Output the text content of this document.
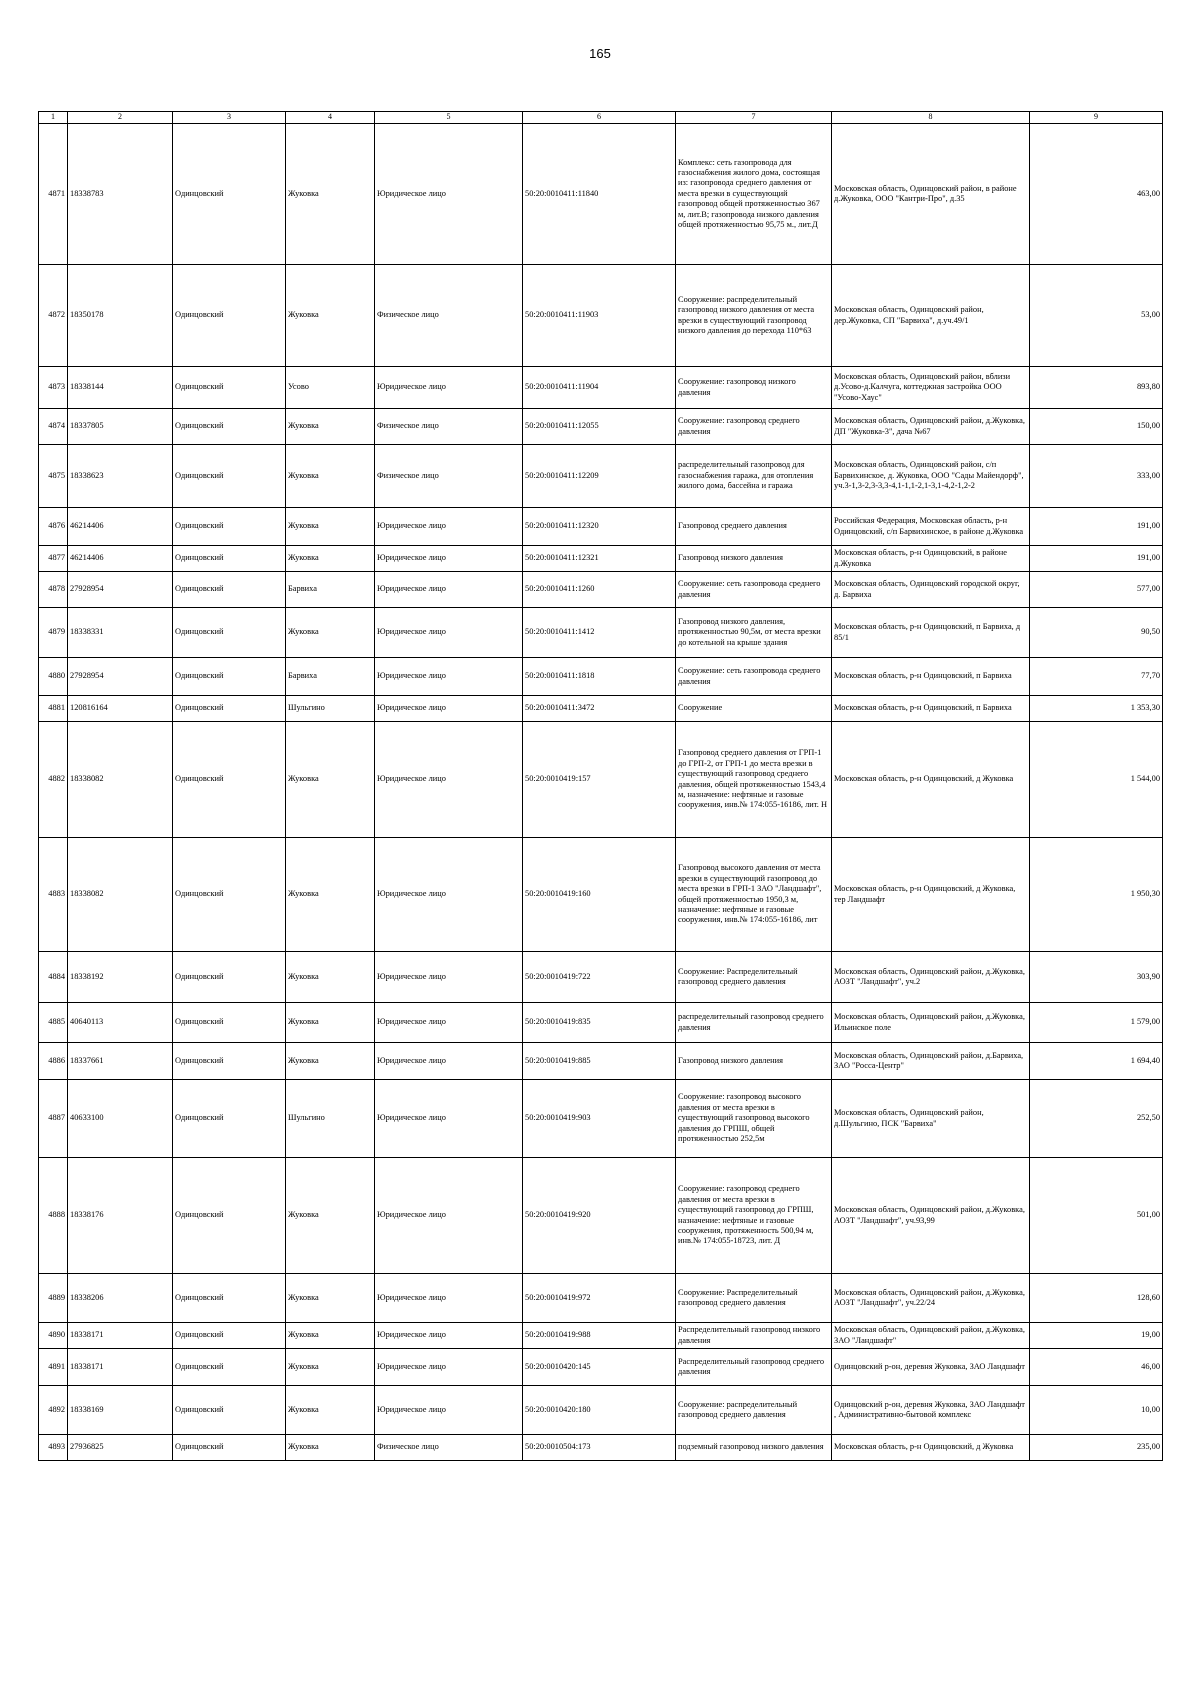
165
1	2	3	4	5	6	7	8	9
4871	18338783	Одинцовский	Жуковка	Юридическое лицо	50:20:0010411:11840	Комплекс: сеть газопровода для газоснабжения жилого дома, состоящая из: газопровода среднего давления от места врезки в существующий газопровод общей протяженностью 367 м, лит.В; газопровода низкого давления общей протяженностью 95,75 м., лит.Д	Московская область, Одинцовский район, в районе д.Жуковка, ООО "Кантри-Про", д.35	463,00
4872	18350178	Одинцовский	Жуковка	Физическое лицо	50:20:0010411:11903	Сооружение: распределительный газопровод низкого давления от места врезки в существующий газопровод низкого давления до перехода 110*63	Московская область, Одинцовский район, дер.Жуковка, СП "Барвиха", д.уч.49/1	53,00
4873	18338144	Одинцовский	Усово	Юридическое лицо	50:20:0010411:11904	Сооружение: газопровод низкого давления	Московская область, Одинцовский район, вблизи д.Усово-д.Калчуга, коттеджная застройка ООО "Усово-Хаус"	893,80
4874	18337805	Одинцовский	Жуковка	Физическое лицо	50:20:0010411:12055	Сооружение: газопровод среднего давления	Московская область, Одинцовский район, д.Жуковка, ДП "Жуковка-3", дача №67	150,00
4875	18338623	Одинцовский	Жуковка	Физическое лицо	50:20:0010411:12209	распределительный газопровод для газоснабжения гаража, для отопления жилого дома, бассейна и гаража	Московская область, Одинцовский район, с/п Барвихинское, д. Жуковка, ООО "Сады Майендорф", уч.3-1,3-2,3-3,3-4,1-1,1-2,1-3,1-4,2-1,2-2	333,00
4876	46214406	Одинцовский	Жуковка	Юридическое лицо	50:20:0010411:12320	Газопровод среднего давления	Российская Федерация, Московская область, р-н Одинцовский, с/п Барвихинское, в районе д.Жуковка	191,00
4877	46214406	Одинцовский	Жуковка	Юридическое лицо	50:20:0010411:12321	Газопровод низкого давления	Московская область, р-н Одинцовский, в районе д.Жуковка	191,00
4878	27928954	Одинцовский	Барвиха	Юридическое лицо	50:20:0010411:1260	Сооружение: сеть газопровода среднего давления	Московская область, Одинцовский городской округ, д. Барвиха	577,00
4879	18338331	Одинцовский	Жуковка	Юридическое лицо	50:20:0010411:1412	Газопровод низкого давления, протяженностью 90,5м, от места врезки до котельной на крыше здания	Московская область, р-н Одинцовский, п Барвиха, д 85/1	90,50
4880	27928954	Одинцовский	Барвиха	Юридическое лицо	50:20:0010411:1818	Сооружение: сеть газопровода среднего давления	Московская область, р-н Одинцовский, п Барвиха	77,70
4881	120816164	Одинцовский	Шульгино	Юридическое лицо	50:20:0010411:3472	Сооружение	Московская область, р-н Одинцовский, п Барвиха	1 353,30
4882	18338082	Одинцовский	Жуковка	Юридическое лицо	50:20:0010419:157	Газопровод среднего давления от ГРП-1 до ГРП-2, от ГРП-1 до места врезки в существующий газопровод среднего давления, общей протяженностью 1543,4 м, назначение: нефтяные и газовые сооружения, инв.№ 174:055-16186, лит. Н	Московская область, р-н Одинцовский, д Жуковка	1 544,00
4883	18338082	Одинцовский	Жуковка	Юридическое лицо	50:20:0010419:160	Газопровод высокого давления от места врезки в существующий газопровод до места врезки в ГРП-1 ЗАО "Ландшафт", общей протяженностью 1950,3 м, назначение: нефтяные и газовые сооружения, инв.№ 174:055-16186, лит	Московская область, р-н Одинцовский, д Жуковка, тер Ландшафт	1 950,30
4884	18338192	Одинцовский	Жуковка	Юридическое лицо	50:20:0010419:722	Сооружение: Распределительный газопровод среднего давления	Московская область, Одинцовский район, д.Жуковка, АОЗТ "Ландшафт", уч.2	303,90
4885	40640113	Одинцовский	Жуковка	Юридическое лицо	50:20:0010419:835	распределительный газопровод среднего давления	Московская область, Одинцовский район, д.Жуковка, Ильинское поле	1 579,00
4886	18337661	Одинцовский	Жуковка	Юридическое лицо	50:20:0010419:885	Газопровод низкого давления	Московская область, Одинцовский район, д.Барвиха, ЗАО "Росса-Центр"	1 694,40
4887	40633100	Одинцовский	Шульгино	Юридическое лицо	50:20:0010419:903	Сооружение: газопровод высокого давления от места врезки в существующий газопровод высокого давления до ГРПШ, общей протяженностью 252,5м	Московская область, Одинцовский район, д.Шульгино, ПСК "Барвиха"	252,50
4888	18338176	Одинцовский	Жуковка	Юридическое лицо	50:20:0010419:920	Сооружение: газопровод среднего давления от места врезки в существующий газопровод до ГРПШ, назначение: нефтяные и газовые сооружения, протяженность 500,94 м, инв.№ 174:055-18723, лит. Д	Московская область, Одинцовский район, д.Жуковка, АОЗТ "Ландшафт", уч.93,99	501,00
4889	18338206	Одинцовский	Жуковка	Юридическое лицо	50:20:0010419:972	Сооружение: Распределительный газопровод среднего давления	Московская область, Одинцовский район, д.Жуковка, АОЗТ "Ландшафт", уч.22/24	128,60
4890	18338171	Одинцовский	Жуковка	Юридическое лицо	50:20:0010419:988	Распределительный газопровод низкого давления	Московская область, Одинцовский район, д.Жуковка, ЗАО "Ландшафт"	19,00
4891	18338171	Одинцовский	Жуковка	Юридическое лицо	50:20:0010420:145	Распределительный газопровод среднего давления	Одинцовский р-он, деревня Жуковка, ЗАО Ландшафт	46,00
4892	18338169	Одинцовский	Жуковка	Юридическое лицо	50:20:0010420:180	Сооружение: распределительный газопровод среднего давления	Одинцовский р-он, деревня Жуковка, ЗАО Ландшафт , Административно-бытовой комплекс	10,00
4893	27936825	Одинцовский	Жуковка	Физическое лицо	50:20:0010504:173	подземный газопровод низкого давления	Московская область, р-н Одинцовский, д Жуковка	235,00
